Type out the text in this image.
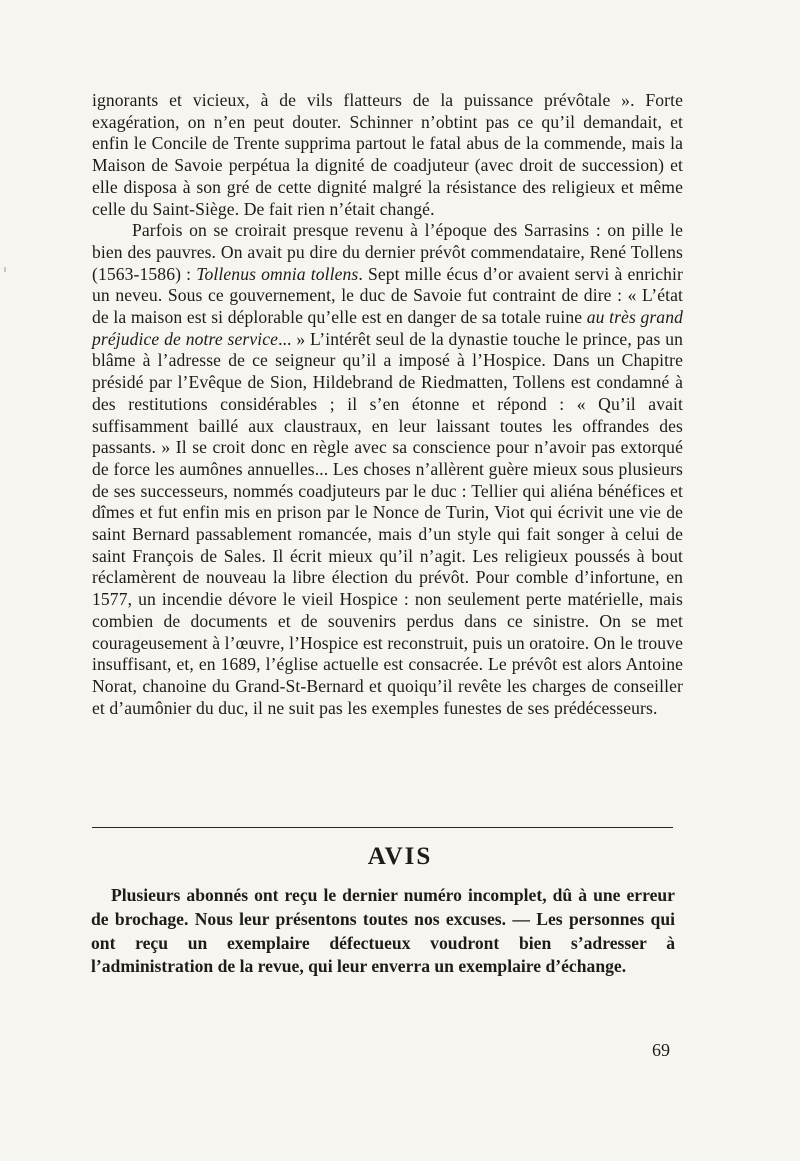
ignorants et vicieux, à de vils flatteurs de la puissance prévôtale ». Forte exagération, on n’en peut douter. Schinner n’obtint pas ce qu’il demandait, et enfin le Concile de Trente supprima partout le fatal abus de la commende, mais la Maison de Savoie perpétua la dignité de coadjuteur (avec droit de succession) et elle disposa à son gré de cette dignité malgré la résistance des religieux et même celle du Saint-Siège. De fait rien n’était changé.

Parfois on se croirait presque revenu à l’époque des Sarrasins : on pille le bien des pauvres. On avait pu dire du dernier prévôt commendataire, René Tollens (1563-1586) : Tollenus omnia tollens. Sept mille écus d’or avaient servi à enrichir un neveu. Sous ce gouvernement, le duc de Savoie fut contraint de dire : « L’état de la maison est si déplorable qu’elle est en danger de sa totale ruine au très grand préjudice de notre service... » L’intérêt seul de la dynastie touche le prince, pas un blâme à l’adresse de ce seigneur qu’il a imposé à l’Hospice. Dans un Chapitre présidé par l’Evêque de Sion, Hildebrand de Riedmatten, Tollens est condamné à des restitutions considérables ; il s’en étonne et répond : « Qu’il avait suffisamment baillé aux claustraux, en leur laissant toutes les offrandes des passants. » Il se croit donc en règle avec sa conscience pour n’avoir pas extorqué de force les aumônes annuelles... Les choses n’allèrent guère mieux sous plusieurs de ses successeurs, nommés coadjuteurs par le duc : Tellier qui aliéna bénéfices et dîmes et fut enfin mis en prison par le Nonce de Turin, Viot qui écrivit une vie de saint Bernard passablement romancée, mais d’un style qui fait songer à celui de saint François de Sales. Il écrit mieux qu’il n’agit. Les religieux poussés à bout réclamèrent de nouveau la libre élection du prévôt. Pour comble d’infortune, en 1577, un incendie dévore le vieil Hospice : non seulement perte matérielle, mais combien de documents et de souvenirs perdus dans ce sinistre. On se met courageusement à l’œuvre, l’Hospice est reconstruit, puis un oratoire. On le trouve insuffisant, et, en 1689, l’église actuelle est consacrée. Le prévôt est alors Antoine Norat, chanoine du Grand-St-Bernard et quoiqu’il revête les charges de conseiller et d’aumônier du duc, il ne suit pas les exemples funestes de ses prédécesseurs.

AVIS

Plusieurs abonnés ont reçu le dernier numéro incomplet, dû à une erreur de brochage. Nous leur présentons toutes nos excuses. — Les personnes qui ont reçu un exemplaire défectueux voudront bien s’adresser à l’administration de la revue, qui leur enverra un exemplaire d’échange.

69
